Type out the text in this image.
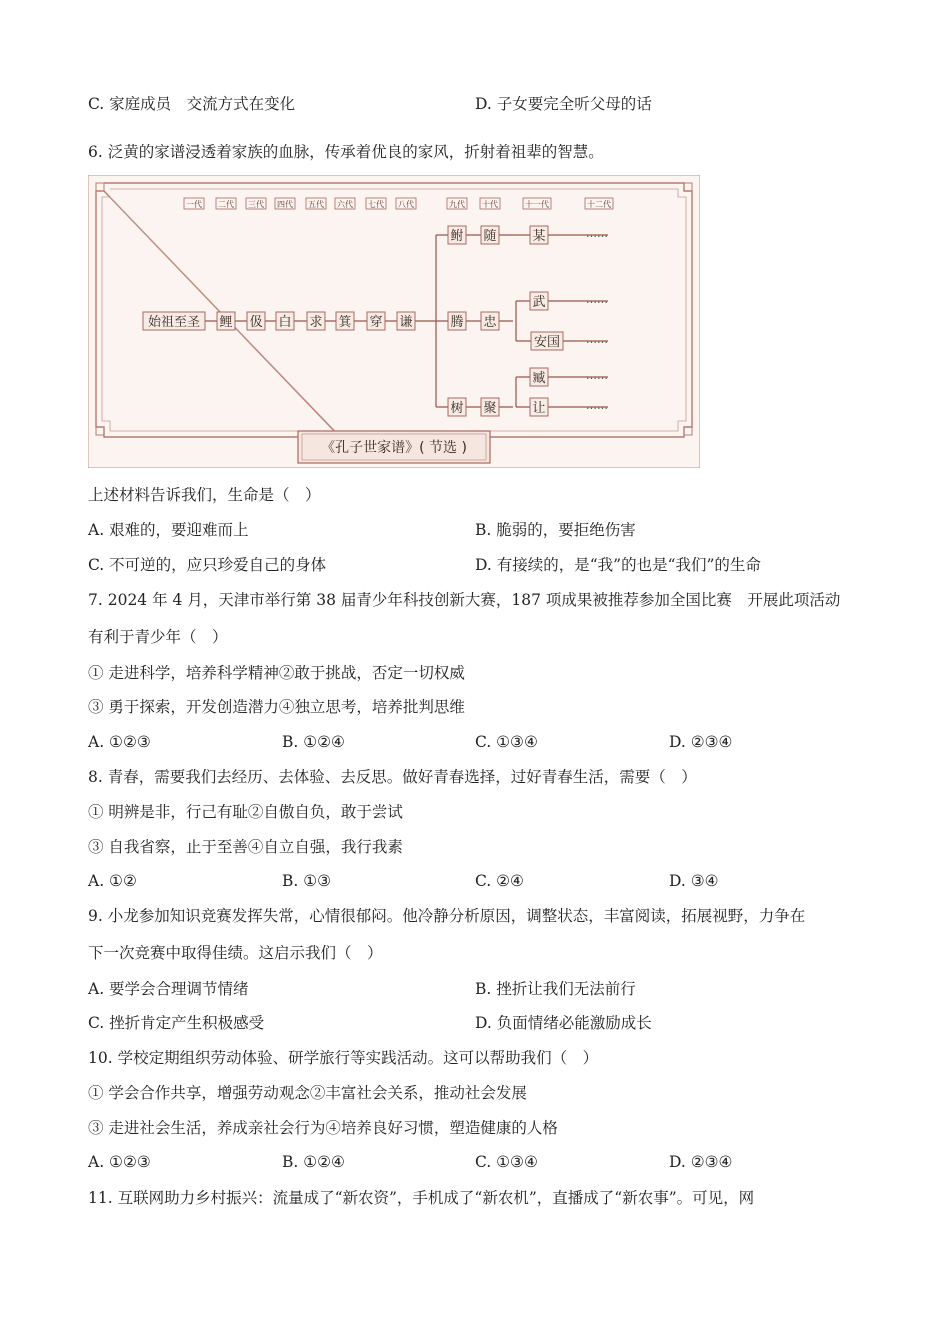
C. 家庭成员　交流方式在变化	D. 子女要完全听父母的话
6. 泛黄的家谱浸透着家族的血脉，传承着优良的家风，折射着祖辈的智慧。
《孔子世家谱》( 节选 )
一代 二代 三代 四代 五代 六代 七代 八代	九代 十代	十一代	十二代
始祖至圣 鲤 伋 白 求 箕 穿 谦
鲋 随	某	……
腾 忠
武
安国
……
……
树 聚
臧
让
……
……
上述材料告诉我们，生命是（　）
A. 艰难的，要迎难而上	B. 脆弱的，要拒绝伤害
C. 不可逆的，应只珍爱自己的身体	D. 有接续的，是“我”的也是“我们”的生命
7. 2024 年 4 月，天津市举行第 38 届青少年科技创新大赛，187 项成果被推荐参加全国比赛　开展此项活动
有利于青少年（　）
① 走进科学，培养科学精神②敢于挑战，否定一切权威
③ 勇于探索，开发创造潜力④独立思考，培养批判思维
A. ①②③	B. ①②④	C. ①③④	D. ②③④
8. 青春，需要我们去经历、去体验、去反思。做好青春选择，过好青春生活，需要（　）
① 明辨是非，行己有耻②自傲自负，敢于尝试
③ 自我省察，止于至善④自立自强，我行我素
A. ①②	B. ①③	C. ②④	D. ③④
9. 小龙参加知识竞赛发挥失常，心情很郁闷。他冷静分析原因，调整状态，丰富阅读，拓展视野，力争在
下一次竞赛中取得佳绩。这启示我们（　）
A. 要学会合理调节情绪	B. 挫折让我们无法前行
C. 挫折肯定产生积极感受	D. 负面情绪必能激励成长
10. 学校定期组织劳动体验、研学旅行等实践活动。这可以帮助我们（　）
① 学会合作共享，增强劳动观念②丰富社会关系，推动社会发展
③ 走进社会生活，养成亲社会行为④培养良好习惯，塑造健康的人格
A. ①②③	B. ①②④	C. ①③④	D. ②③④
11. 互联网助力乡村振兴：流量成了“新农资”，手机成了“新农机”，直播成了“新农事”。可见，网
